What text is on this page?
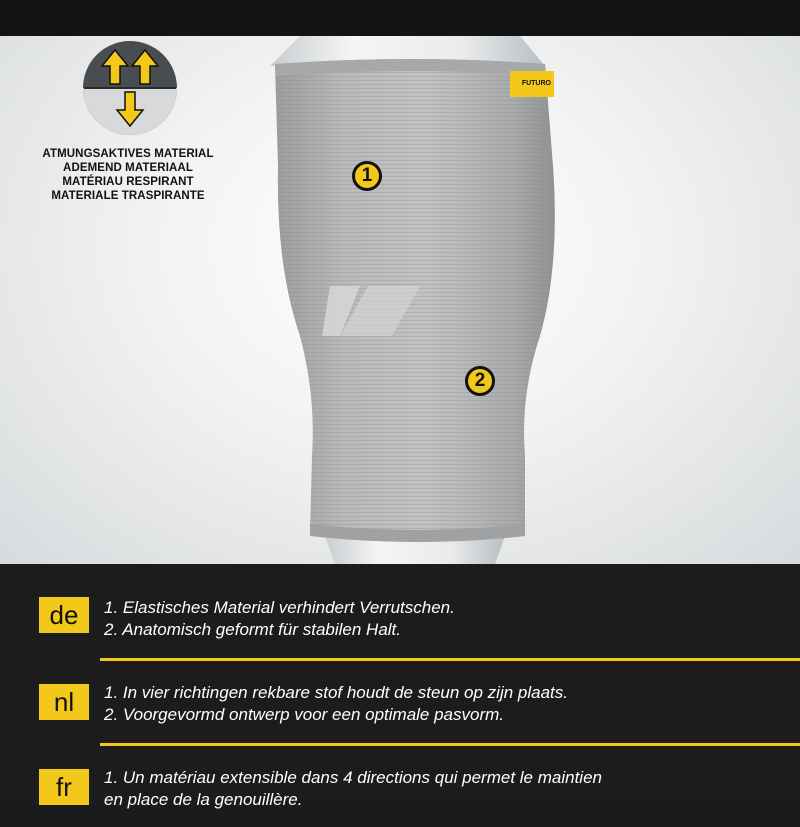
ATMUNGSAKTIVES MATERIAL
ADEMEND MATERIAAL
MATÉRIAU RESPIRANT
MATERIALE TRASPIRANTE
FUTURO
1
2
de	1. Elastisches Material verhindert Verrutschen.
2. Anatomisch geformt für stabilen Halt.
nl	1. In vier richtingen rekbare stof houdt de steun op zijn plaats.
2. Voorgevormd ontwerp voor een optimale pasvorm.
fr	1. Un matériau extensible dans 4 directions qui permet le maintien
en place de la genouillère.
